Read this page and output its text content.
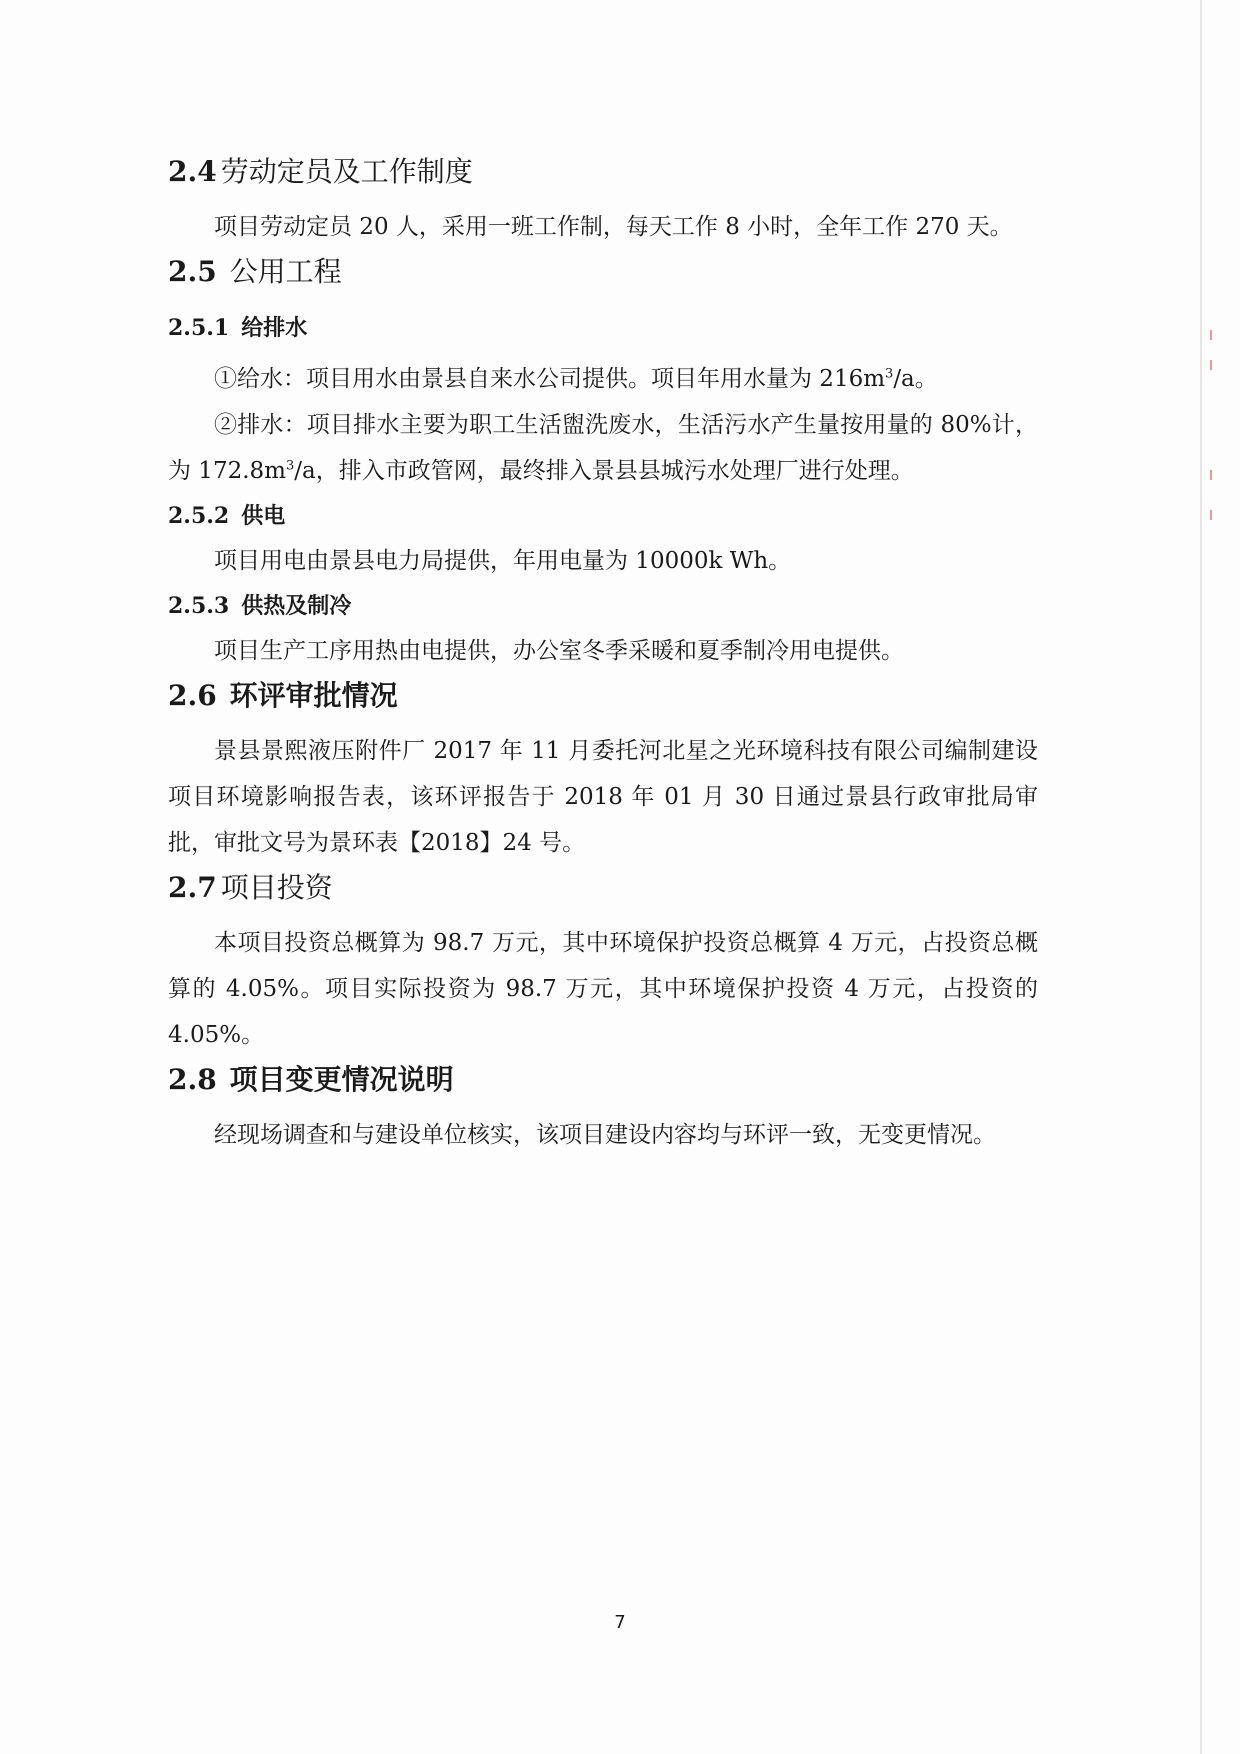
2.4 劳动定员及工作制度

项目劳动定员 20 人，采用一班工作制，每天工作 8 小时，全年工作 270 天。

2.5 公用工程
2.5.1 给排水

①给水：项目用水由景县自来水公司提供。项目年用水量为 $216m^3/a$。

②排水：项目排水主要为职工生活盥洗废水，生活污水产生量按用量的 80%计，为 $172.8m^3/a$，排入市政管网，最终排入景县县城污水处理厂进行处理。

2.5.2 供电

项目用电由景县电力局提供，年用电量为 10000k Wh。

2.5.3 供热及制冷

项目生产工序用热由电提供，办公室冬季采暖和夏季制冷用电提供。

2.6 环评审批情况

景县景熙液压附件厂 2017 年 11 月委托河北星之光环境科技有限公司编制建设项目环境影响报告表，该环评报告于 2018 年 01 月 30 日通过景县行政审批局审批，审批文号为景环表【2018】24 号。

2.7 项目投资

本项目投资总概算为 98.7 万元，其中环境保护投资总概算 4 万元，占投资总概算的 4.05%。项目实际投资为 98.7 万元，其中环境保护投资 4 万元，占投资的 4.05%。

2.8 项目变更情况说明

经现场调查和与建设单位核实，该项目建设内容均与环评一致，无变更情况。

7
